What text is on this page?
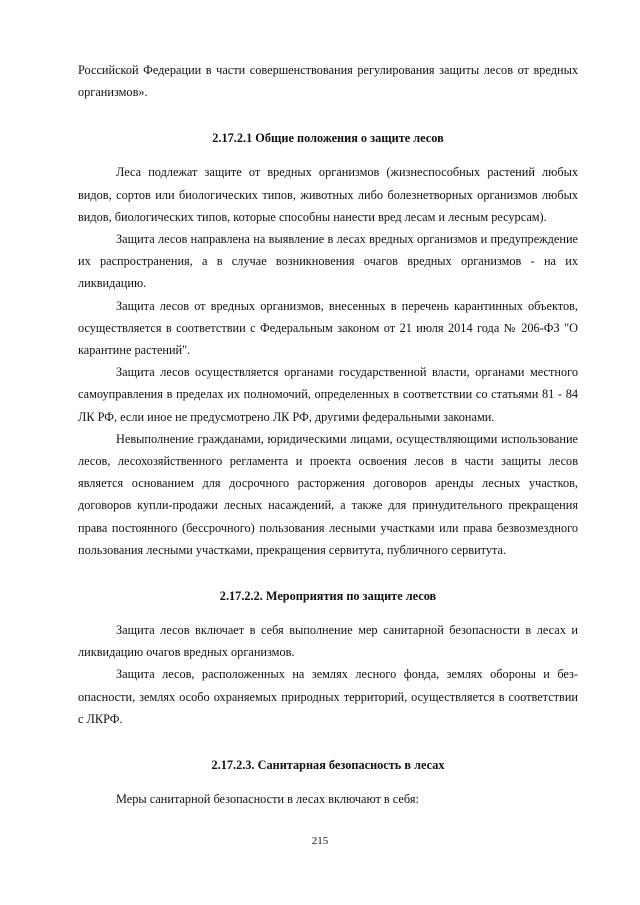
Российской Федерации в части совершенствования регулирования защиты лесов от вредных организмов».

2.17.2.1 Общие положения о защите лесов

Леса подлежат защите от вредных организмов (жизнеспособных растений любых видов, сортов или биологических типов, животных либо болезнетворных организмов любых видов, биологических типов, которые способны нанести вред лесам и лесным ресурсам).

Защита лесов направлена на выявление в лесах вредных организмов и предупреждение их распространения, а в случае возникновения очагов вредных организмов - на их ликвидацию.

Защита лесов от вредных организмов, внесенных в перечень карантинных объектов, осуществляется в соответствии с Федеральным законом от 21 июля 2014 года № 206-ФЗ "О карантине растений".

Защита лесов осуществляется органами государственной власти, органами местного самоуправления в пределах их полномочий, определенных в соответствии со статьями 81 - 84 ЛК РФ, если иное не предусмотрено ЛК РФ, другими федеральными законами.

Невыполнение гражданами, юридическими лицами, осуществляющими использование лесов, лесохозяйственного регламента и проекта освоения лесов в части защиты лесов является основанием для досрочного расторжения договоров аренды лесных участков, договоров купли-продажи лесных насаждений, а также для принудительного прекращения права постоянного (бессрочного) пользования лесными участками или права безвозмездного пользования лесными участками, прекращения сервитута, публичного сервитута.

2.17.2.2. Мероприятия по защите лесов

Защита лесов включает в себя выполнение мер санитарной безопасности в лесах и ликвидацию очагов вредных организмов.

Защита лесов, расположенных на землях лесного фонда, землях обороны и безопасности, землях особо охраняемых природных территорий, осуществляется в соответствии с ЛКРФ.

2.17.2.3. Санитарная безопасность в лесах

Меры санитарной безопасности в лесах включают в себя:

215
